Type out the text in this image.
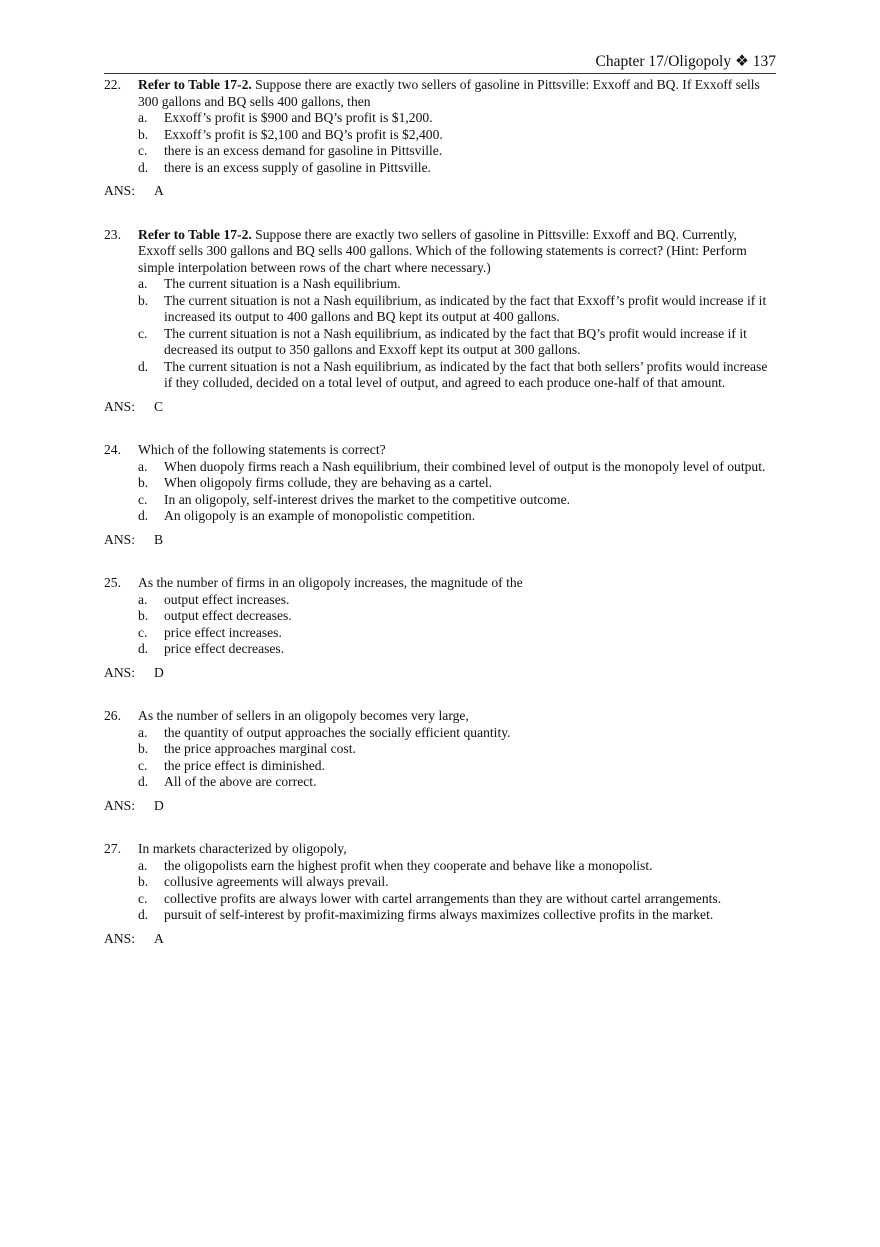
Chapter 17/Oligopoly ❖ 137
22.	Refer to Table 17-2. Suppose there are exactly two sellers of gasoline in Pittsville: Exxoff and BQ. If Exxoff sells 300 gallons and BQ sells 400 gallons, then
a. Exxoff’s profit is $900 and BQ’s profit is $1,200.
b. Exxoff’s profit is $2,100 and BQ’s profit is $2,400.
c. there is an excess demand for gasoline in Pittsville.
d. there is an excess supply of gasoline in Pittsville.
ANS: A
23.	Refer to Table 17-2. Suppose there are exactly two sellers of gasoline in Pittsville: Exxoff and BQ. Currently, Exxoff sells 300 gallons and BQ sells 400 gallons. Which of the following statements is correct? (Hint: Perform simple interpolation between rows of the chart where necessary.)
a. The current situation is a Nash equilibrium.
b. The current situation is not a Nash equilibrium, as indicated by the fact that Exxoff’s profit would increase if it increased its output to 400 gallons and BQ kept its output at 400 gallons.
c. The current situation is not a Nash equilibrium, as indicated by the fact that BQ’s profit would increase if it decreased its output to 350 gallons and Exxoff kept its output at 300 gallons.
d. The current situation is not a Nash equilibrium, as indicated by the fact that both sellers’ profits would increase if they colluded, decided on a total level of output, and agreed to each produce one-half of that amount.
ANS: C
24.	Which of the following statements is correct?
a. When duopoly firms reach a Nash equilibrium, their combined level of output is the monopoly level of output.
b. When oligopoly firms collude, they are behaving as a cartel.
c. In an oligopoly, self-interest drives the market to the competitive outcome.
d. An oligopoly is an example of monopolistic competition.
ANS: B
25.	As the number of firms in an oligopoly increases, the magnitude of the
a. output effect increases.
b. output effect decreases.
c. price effect increases.
d. price effect decreases.
ANS: D
26.	As the number of sellers in an oligopoly becomes very large,
a. the quantity of output approaches the socially efficient quantity.
b. the price approaches marginal cost.
c. the price effect is diminished.
d. All of the above are correct.
ANS: D
27.	In markets characterized by oligopoly,
a. the oligopolists earn the highest profit when they cooperate and behave like a monopolist.
b. collusive agreements will always prevail.
c. collective profits are always lower with cartel arrangements than they are without cartel arrangements.
d. pursuit of self-interest by profit-maximizing firms always maximizes collective profits in the market.
ANS: A
